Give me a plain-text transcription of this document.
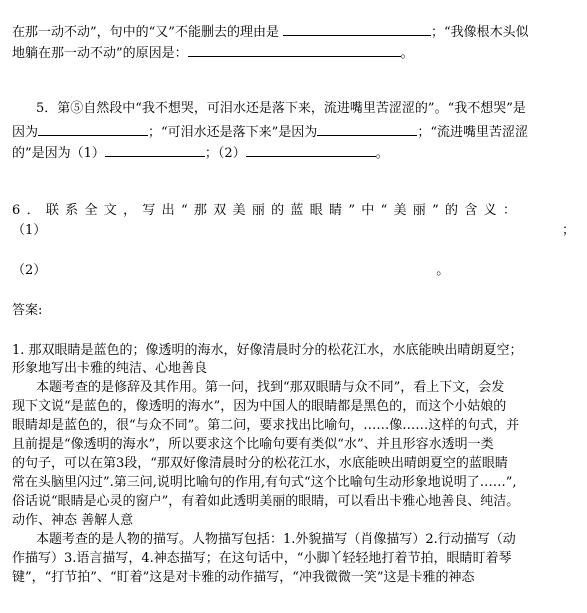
在那一动不动”，句中的“又”不能删去的理由是	；“我像根木头似
地躺在那一动不动”的原因是：	。
5．第⑤自然段中“我不想哭，可泪水还是落下来，流进嘴里苦涩涩的”。“我不想哭”是
因为	；“可泪水还是落下来”是因为	；“流进嘴里苦涩涩
的”是因为（1）	；（2）	。
6．联系全文，写出“那双美丽的蓝眼睛”中“美丽”的含义：
（1）	；
（2）	。
答案:
1. 那双眼睛是蓝色的；像透明的海水，好像清晨时分的松花江水，水底能映出晴朗夏空；
形象地写出卡雅的纯洁、心地善良
本题考查的是修辞及其作用。第一问，找到“那双眼睛与众不同”，看上下文，会发
现下文说“是蓝色的，像透明的海水”，因为中国人的眼睛都是黑色的，而这个小姑娘的
眼睛却是蓝色的，很“与众不同”。第二问，要求找出比喻句，……像……这样的句式，并
且前提是“像透明的海水”，所以要求这个比喻句要有类似“水”、并且形容水透明一类
的句子，可以在第3段，“那双好像清晨时分的松花江水，水底能映出晴朗夏空的蓝眼睛
常在头脑里闪过”.第三问,说明比喻句的作用,有句式“这个比喻句生动形象地说明了……”,
俗话说“眼睛是心灵的窗户”，有着如此透明美丽的眼睛，可以看出卡雅心地善良、纯洁。
动作、神态 善解人意
本题考查的是人物的描写。人物描写包括：1.外貌描写（肖像描写）2.行动描写（动
作描写）3.语言描写，4.神态描写；在这句话中，“小脚丫轻轻地打着节拍，眼睛盯着琴
键”，“打节拍”、“盯着”这是对卡雅的动作描写，“冲我微微一笑”这是卡雅的神态
